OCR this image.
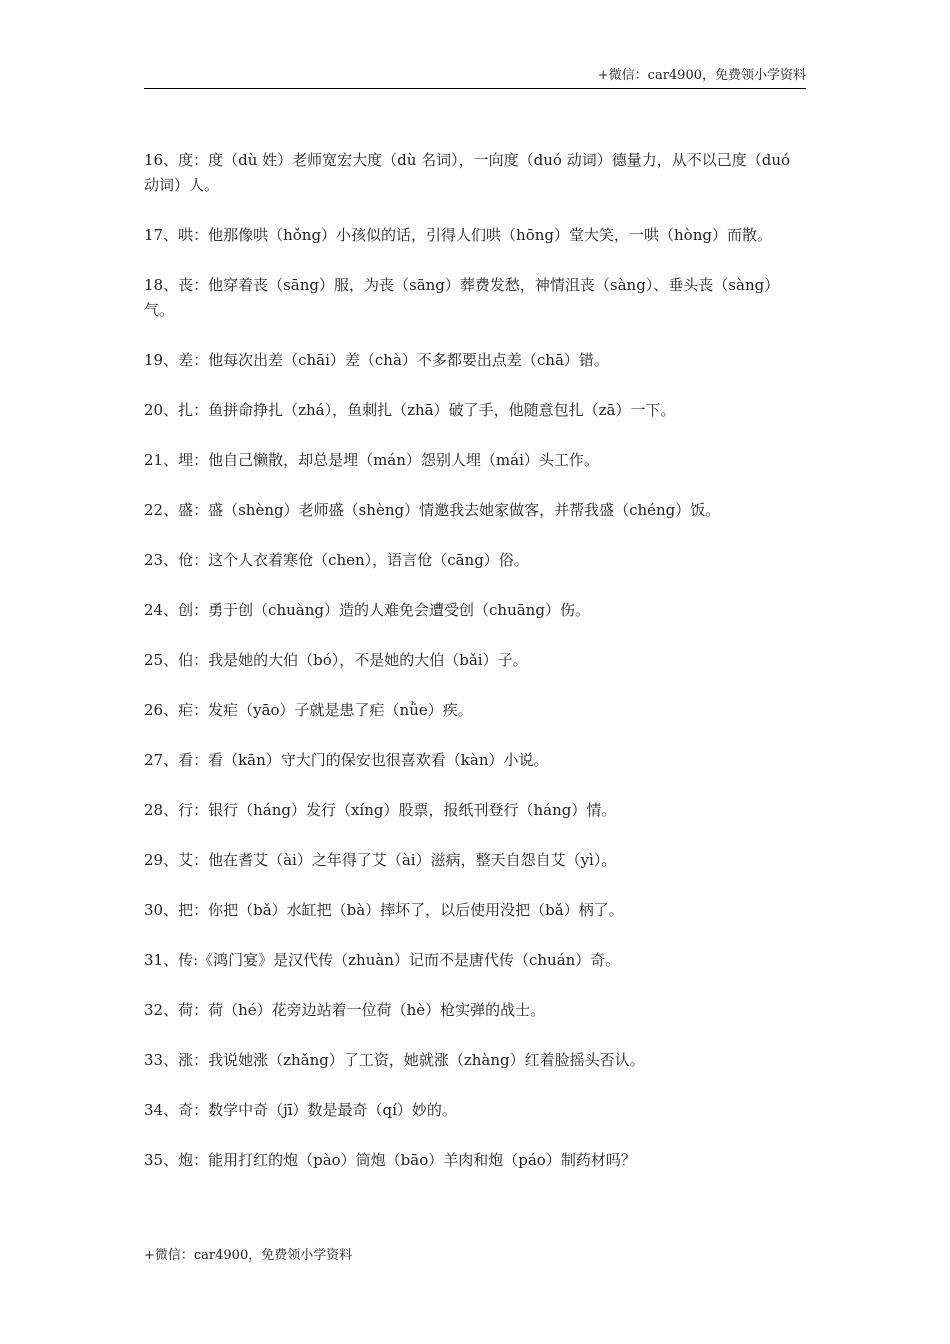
+微信：car4900，免费领小学资料

16、度：度（dù 姓）老师宽宏大度（dù 名词），一向度（duó 动词）德量力，从不以己度（duó 动词）人。

17、哄：他那像哄（hǒng）小孩似的话，引得人们哄（hōng）堂大笑，一哄（hòng）而散。

18、丧：他穿着丧（sāng）服，为丧（sāng）葬费发愁，神情沮丧（sàng）、垂头丧（sàng）气。

19、差：他每次出差（chāi）差（chà）不多都要出点差（chā）错。

20、扎：鱼拼命挣扎（zhá），鱼刺扎（zhā）破了手，他随意包扎（zā）一下。

21、埋：他自己懒散，却总是埋（mán）怨别人埋（mái）头工作。

22、盛：盛（shèng）老师盛（shèng）情邀我去她家做客，并帮我盛（chéng）饭。

23、伧：这个人衣着寒伧（chen），语言伧（cāng）俗。

24、创：勇于创（chuàng）造的人难免会遭受创（chuāng）伤。

25、伯：我是她的大伯（bó），不是她的大伯（bǎi）子。

26、疟：发疟（yāo）子就是患了疟（nǜe）疾。

27、看：看（kān）守大门的保安也很喜欢看（kàn）小说。

28、行：银行（háng）发行（xíng）股票，报纸刊登行（háng）情。

29、艾：他在耆艾（ài）之年得了艾（ài）滋病，整天自怨自艾（yì）。

30、把：你把（bǎ）水缸把（bà）摔坏了，以后使用没把（bǎ）柄了。

31、传:《鸿门宴》是汉代传（zhuàn）记而不是唐代传（chuán）奇。

32、荷：荷（hé）花旁边站着一位荷（hè）枪实弹的战士。

33、涨：我说她涨（zhǎng）了工资，她就涨（zhàng）红着脸摇头否认。

34、奇：数学中奇（jī）数是最奇（qí）妙的。

35、炮：能用打红的炮（pào）筒炮（bāo）羊肉和炮（páo）制药材吗？

+微信：car4900，免费领小学资料
